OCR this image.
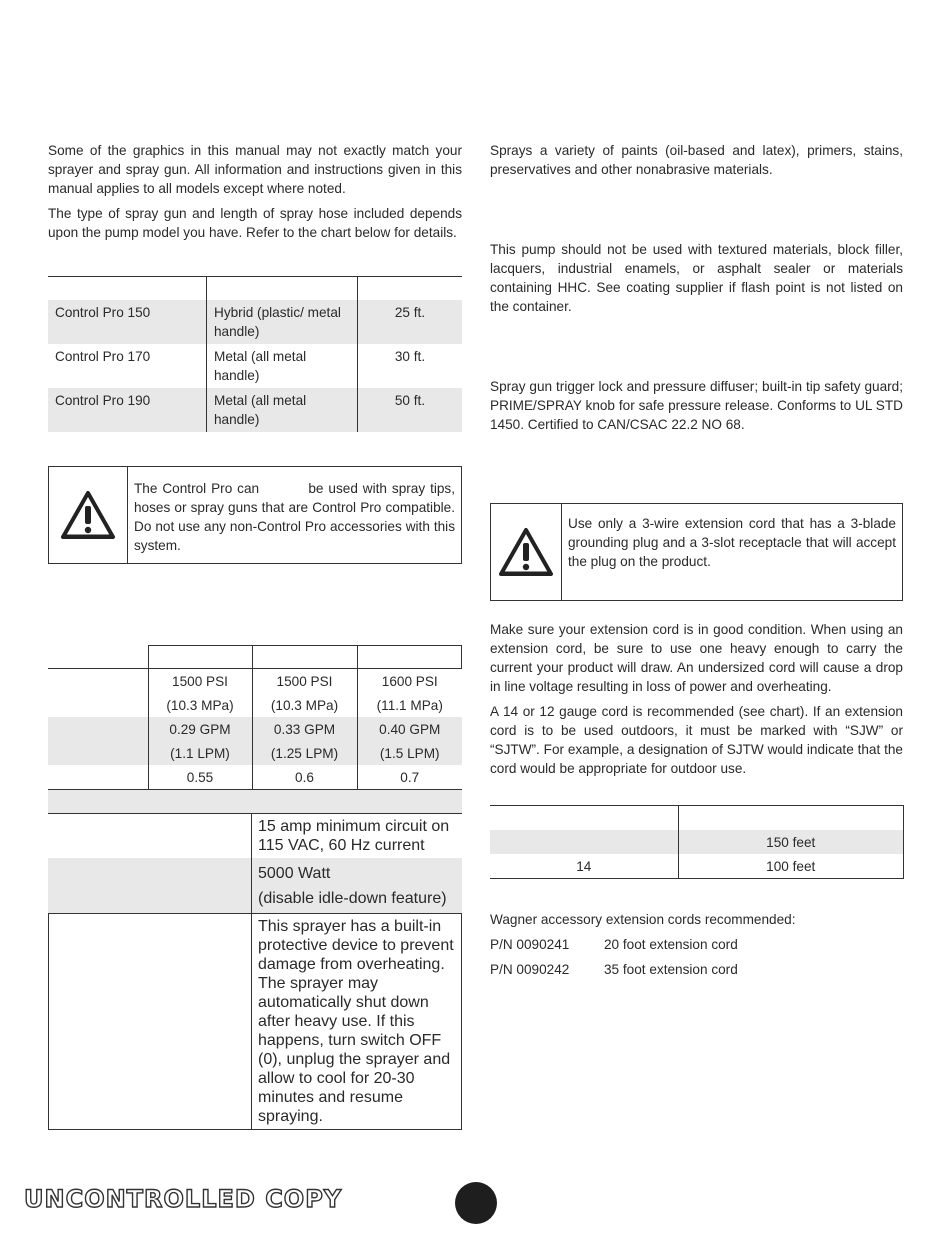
Some of the graphics in this manual may not exactly match your sprayer and spray gun. All information and instructions given in this manual applies to all models except where noted.

The type of spray gun and length of spray hose included depends upon the pump model you have. Refer to the chart below for details.

Control Pro 150	Hybrid (plastic/ metal handle)	25 ft.
Control Pro 170	Metal (all metal handle)	30 ft.
Control Pro 190	Metal (all metal handle)	50 ft.
The Control Pro can          be used with spray tips, hoses or spray guns that are Control Pro compatible.  Do not use any non-Control Pro accessories with this system.
	1500 PSI	1500 PSI	1600 PSI
	(10.3 MPa)	(10.3 MPa)	(11.1 MPa)
	0.29 GPM	0.33 GPM	0.40 GPM
	(1.1 LPM)	(1.25 LPM)	(1.5 LPM)
	0.55	0.6	0.7
15 amp minimum circuit on 115 VAC, 60 Hz current
5000 Watt
(disable idle-down feature)
This sprayer has a built-in protective device to prevent damage from overheating. The sprayer may automatically shut down after heavy use. If this happens, turn switch OFF (0), unplug the sprayer and allow to cool for 20-30 minutes and resume spraying.

Sprays a variety of paints (oil-based and latex), primers, stains, preservatives and other nonabrasive materials.

This pump should not be used with textured materials, block filler, lacquers, industrial enamels, or asphalt sealer or materials containing HHC. See coating supplier if flash point is not listed on the container.

Spray gun trigger lock and pressure diffuser; built-in tip safety guard; PRIME/SPRAY knob for safe pressure release. Conforms to UL STD 1450. Certified to CAN/CSAC 22.2 NO 68.

Use only a 3-wire extension cord that has a 3-blade grounding plug and a 3-slot receptacle that will accept the plug on the product.

Make sure your extension cord is in good condition. When using an extension cord, be sure to use one heavy enough to carry the current your product will draw. An undersized cord will cause a drop in line voltage resulting in loss of power and overheating.

A 14 or 12 gauge cord is recommended (see chart). If an extension cord is to be used outdoors, it must be marked with “SJW” or “SJTW”. For example, a designation of SJTW would indicate that the cord would be appropriate for outdoor use.

	150 feet
14	100 feet
Wagner accessory extension cords recommended:
P/N 0090241	20 foot extension cord
P/N 0090242	35 foot extension cord
UNCONTROLLED COPY
